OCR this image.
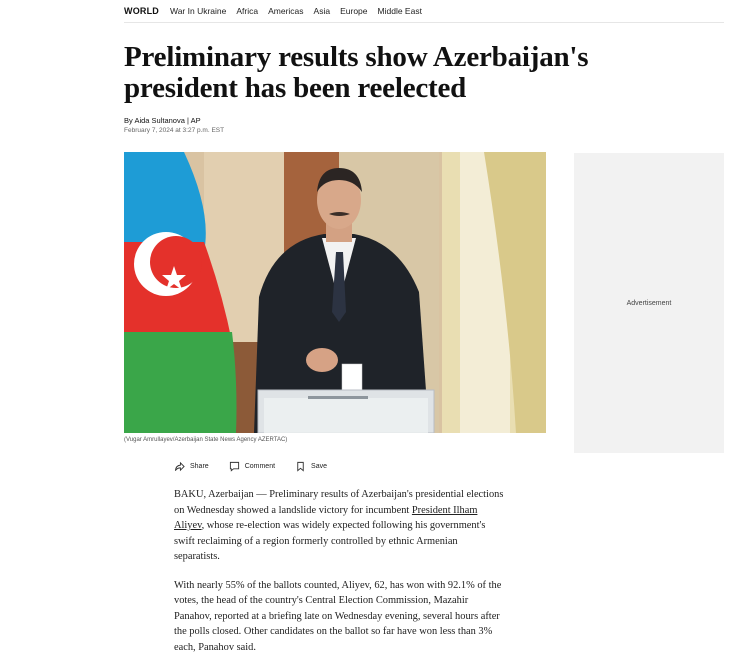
WORLD War In Ukraine Africa Americas Asia Europe Middle East
Preliminary results show Azerbaijan's president has been reelected
By Aida Sultanova | AP
February 7, 2024 at 3:27 p.m. EST
(Vugar Amrullayev/Azerbaijan State News Agency AZERTAC)
Advertisement
Share	Comment	Save

BAKU, Azerbaijan — Preliminary results of Azerbaijan's presidential elections on Wednesday showed a landslide victory for incumbent President Ilham Aliyev, whose re-election was widely expected following his government's swift reclaiming of a region formerly controlled by ethnic Armenian separatists.

With nearly 55% of the ballots counted, Aliyev, 62, has won with 92.1% of the votes, the head of the country's Central Election Commission, Mazahir Panahov, reported at a briefing late on Wednesday evening, several hours after the polls closed. Other candidates on the ballot so far have won less than 3% each, Panahov said.
